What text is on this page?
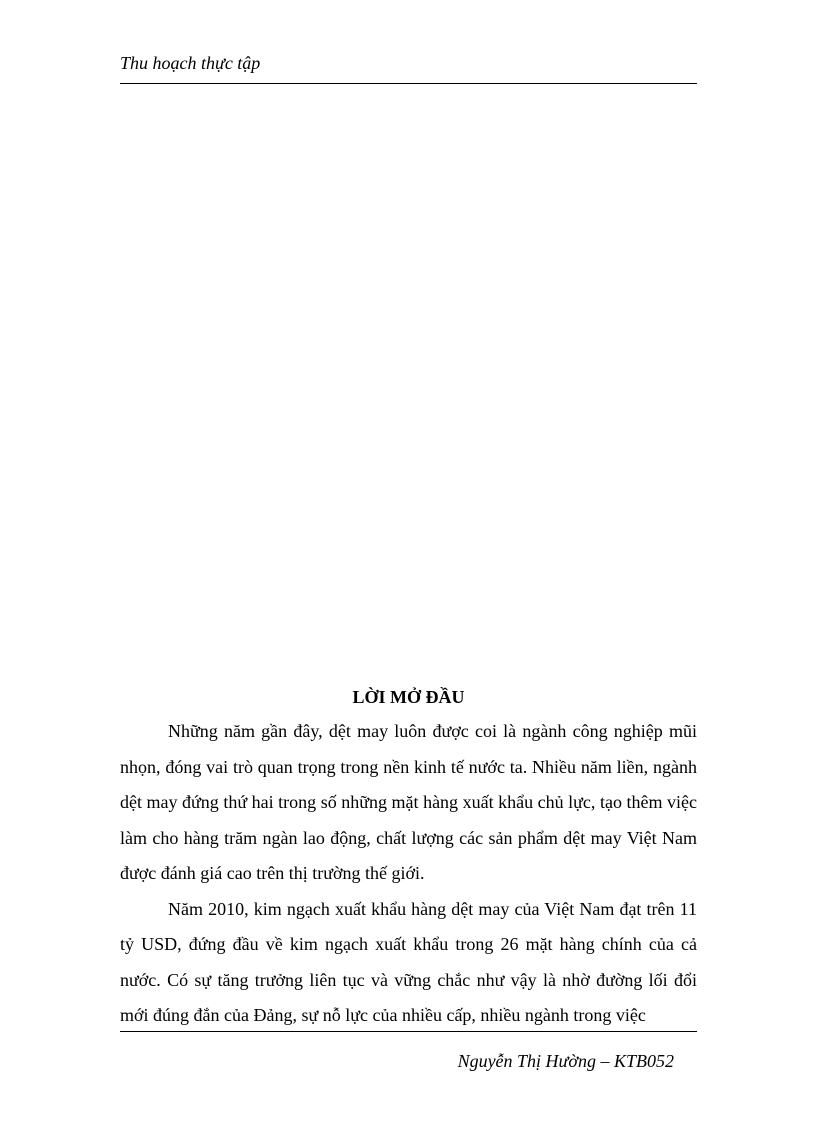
Thu hoạch thực tập
LỜI MỞ ĐẦU

Những năm gần đây, dệt may luôn được coi là ngành công nghiệp mũi nhọn, đóng vai trò quan trọng trong nền kinh tế nước ta. Nhiều năm liền, ngành dệt may đứng thứ hai trong số những mặt hàng xuất khẩu chủ lực, tạo thêm việc làm cho hàng trăm ngàn lao động, chất lượng các sản phẩm dệt may Việt Nam được đánh giá cao trên thị trường thế giới.

Năm 2010, kim ngạch xuất khẩu hàng dệt may của Việt Nam đạt trên 11 tỷ USD, đứng đầu về kim ngạch xuất khẩu trong 26 mặt hàng chính của cả nước. Có sự tăng trưởng liên tục và vững chắc như vậy là nhờ đường lối đổi mới đúng đắn của Đảng, sự nỗ lực của nhiều cấp, nhiều ngành trong việc

Nguyễn Thị Hường – KTB052
